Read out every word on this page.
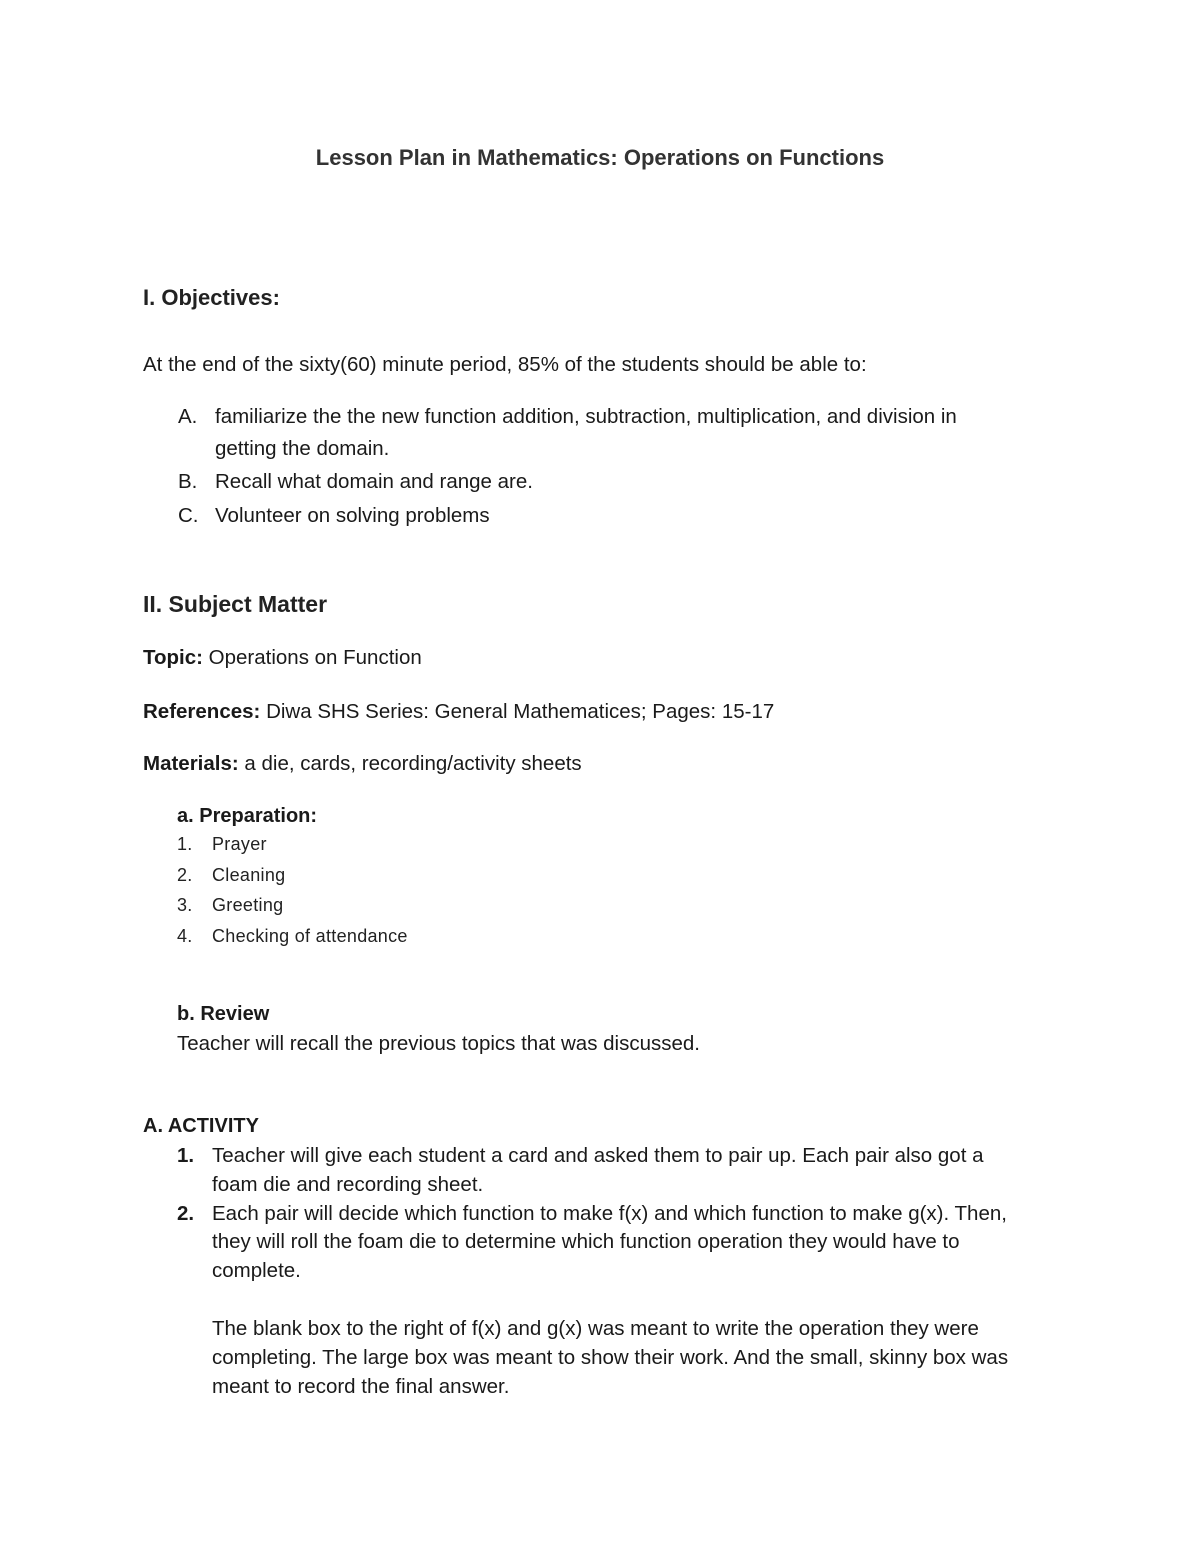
Lesson Plan in Mathematics: Operations on Functions
I. Objectives:
At the end of the sixty(60) minute period, 85% of the students should be able to:
A. familiarize the the new function addition, subtraction, multiplication, and division in
getting the domain.
B. Recall what domain and range are.
C. Volunteer on solving problems
II. Subject Matter
Topic: Operations on Function
References: Diwa SHS Series: General Mathematices; Pages: 15-17
Materials: a die, cards, recording/activity sheets
a. Preparation:
1. Prayer
2. Cleaning
3. Greeting
4. Checking of attendance
b. Review
Teacher will recall the previous topics that was discussed.
A. ACTIVITY
1. Teacher will give each student a card and asked them to pair up. Each pair also got a
foam die and recording sheet.
2. Each pair will decide which function to make f(x) and which function to make g(x). Then,
they will roll the foam die to determine which function operation they would have to
complete.
The blank box to the right of f(x) and g(x) was meant to write the operation they were
completing. The large box was meant to show their work. And the small, skinny box was
meant to record the final answer.
